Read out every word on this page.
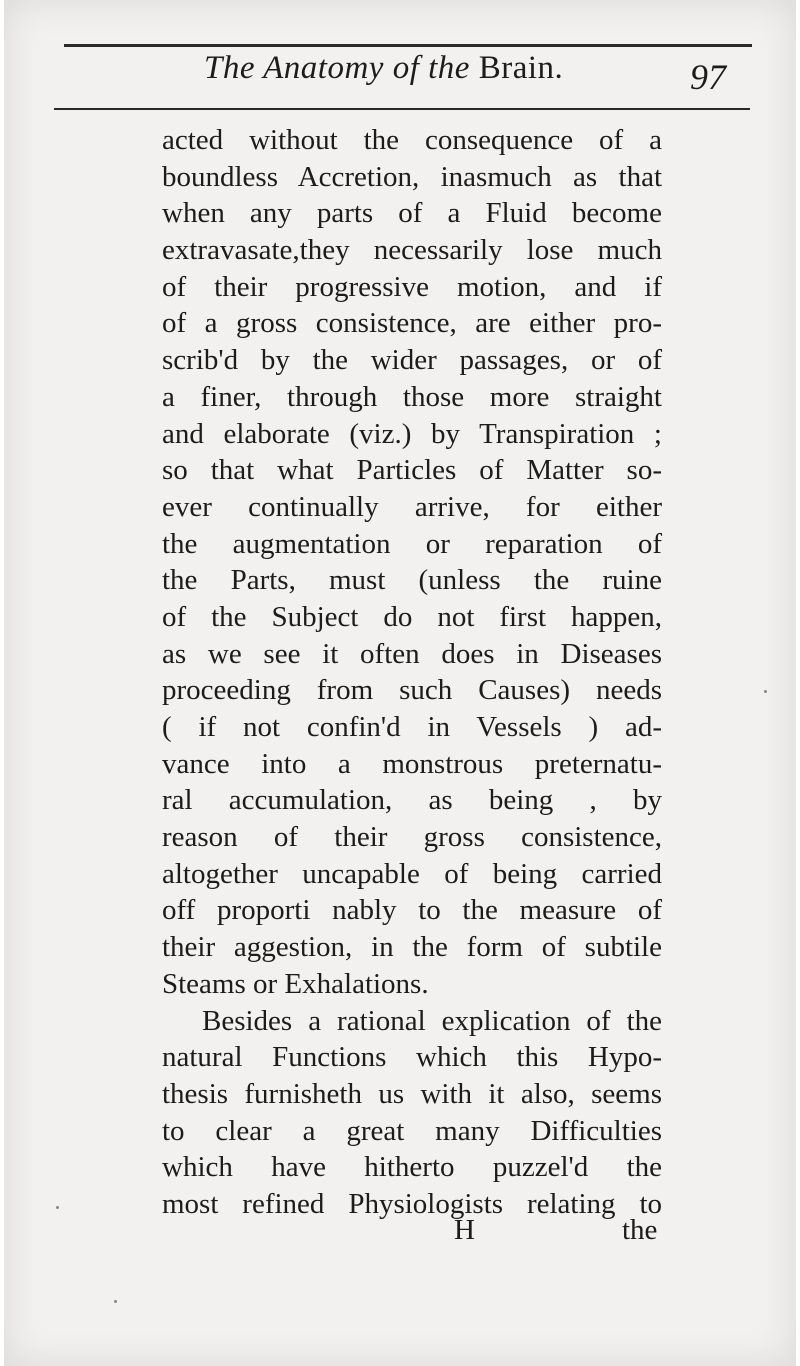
The Anatomy of the Brain.	97
acted without the consequence of a
boundless Accretion, inasmuch as that
when any parts of a Fluid become
extravasate,they necessarily lose much
of their progressive motion, and if
of a gross consistence, are either pro-
scrib'd by the wider passages, or of
a finer, through those more straight
and elaborate (viz.) by Transpiration ;
so that what Particles of Matter so-
ever continually arrive, for either
the augmentation or reparation of
the Parts, must (unless the ruine
of the Subject do not first happen,
as we see it often does in Diseases
proceeding from such Causes) needs
( if not confin'd in Vessels ) ad-
vance into a monstrous preternatu-
ral accumulation, as being , by
reason of their gross consistence,
altogether uncapable of being carried
off proporti nably to the measure of
their aggestion, in the form of subtile
Steams or Exhalations.
Besides a rational explication of the
natural Functions which this Hypo-
thesis furnisheth us with it also, seems
to clear a great many Difficulties
which have hitherto puzzel'd the
most refined Physiologists relating to
H	the
